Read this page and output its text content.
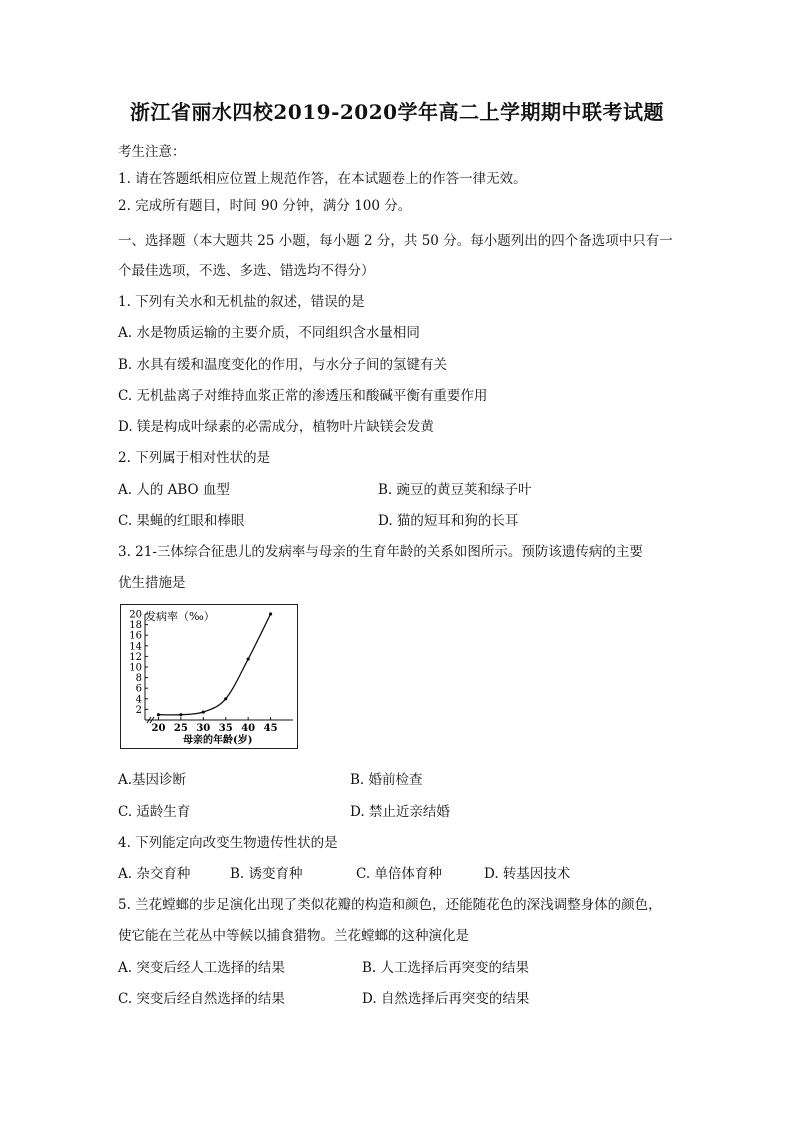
浙江省丽水四校2019-2020学年高二上学期期中联考试题
考生注意：
1. 请在答题纸相应位置上规范作答，在本试题卷上的作答一律无效。
2. 完成所有题目，时间 90 分钟，满分 100 分。
一、选择题（本大题共 25 小题，每小题 2 分，共 50 分。每小题列出的四个备选项中只有一
个最佳选项，不选、多选、错选均不得分）
1. 下列有关水和无机盐的叙述，错误的是
A. 水是物质运输的主要介质，不同组织含水量相同
B. 水具有缓和温度变化的作用，与水分子间的氢键有关
C. 无机盐离子对维持血浆正常的渗透压和酸碱平衡有重要作用
D. 镁是构成叶绿素的必需成分，植物叶片缺镁会发黄
2. 下列属于相对性状的是
A. 人的 ABO 血型	B. 豌豆的黄豆荚和绿子叶
C. 果蝇的红眼和棒眼	D. 猫的短耳和狗的长耳
3. 21-三体综合征患儿的发病率与母亲的生育年龄的关系如图所示。预防该遗传病的主要
优生措施是
2
4
6
8
10
12
14
16
18
20
20 25 30 35 40 45
发病率（‰）
母亲的年龄(岁)
A.基因诊断	B. 婚前检查
C. 适龄生育	D. 禁止近亲结婚
4. 下列能定向改变生物遗传性状的是
A. 杂交育种	B. 诱变育种	C. 单倍体育种	D. 转基因技术
5. 兰花螳螂的步足演化出现了类似花瓣的构造和颜色，还能随花色的深浅调整身体的颜色，
使它能在兰花丛中等候以捕食猎物。兰花螳螂的这种演化是
A. 突变后经人工选择的结果	B. 人工选择后再突变的结果
C. 突变后经自然选择的结果	D. 自然选择后再突变的结果
